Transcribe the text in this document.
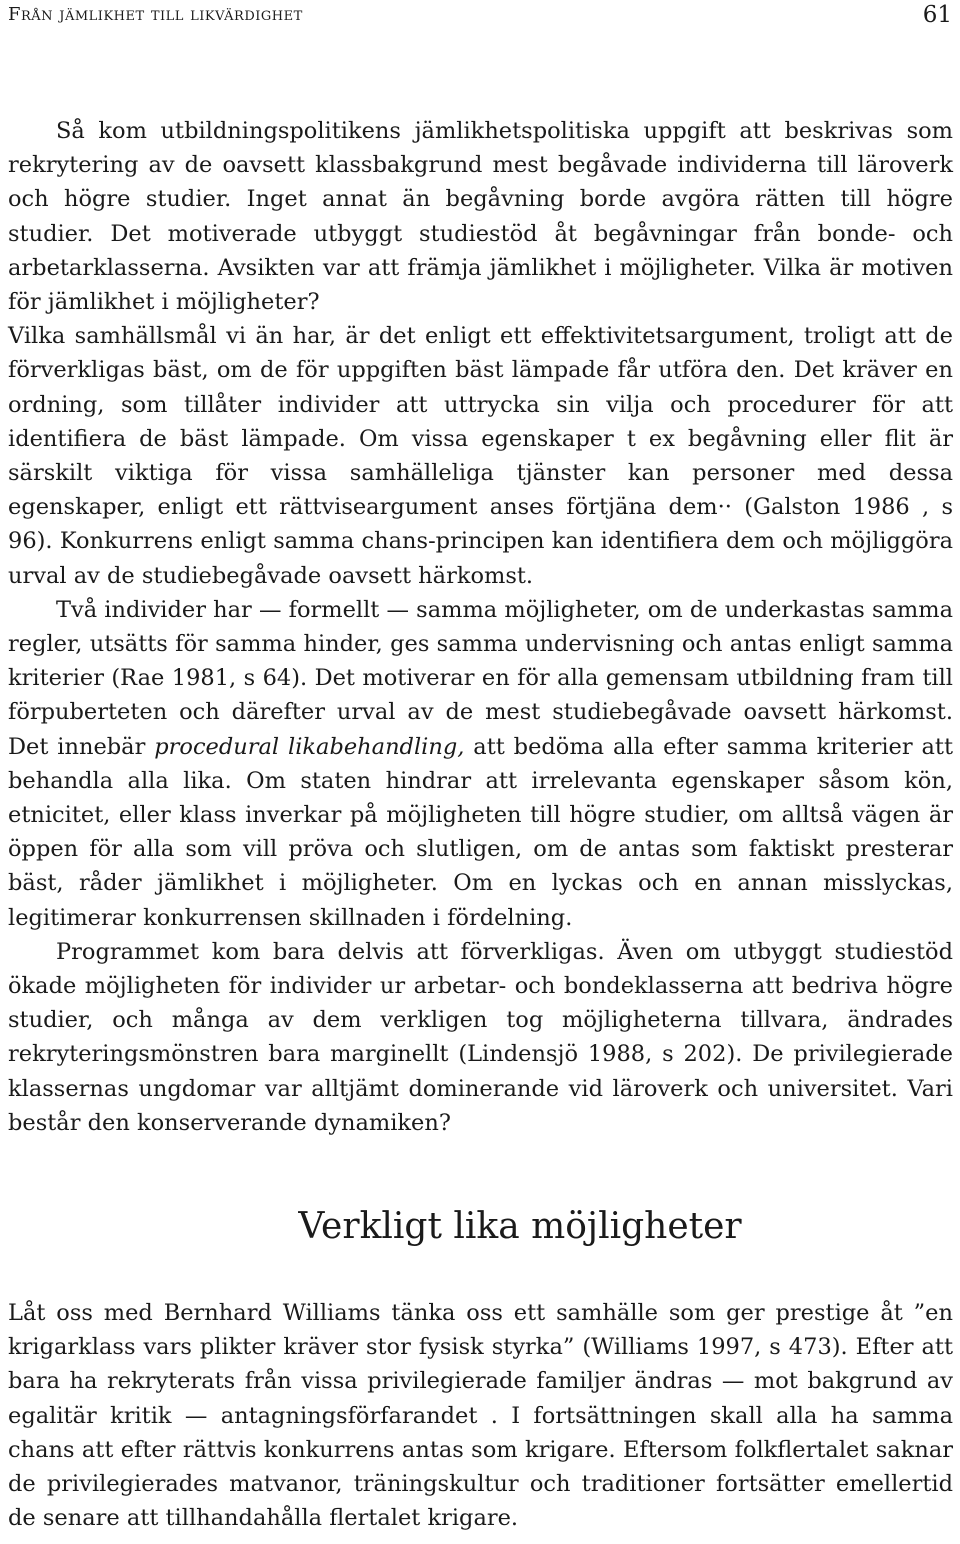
Från jämlikhet till likvärdighet	61

Så kom utbildningspolitikens jämlikhetspolitiska uppgift att beskrivas som rekrytering av de oavsett klassbakgrund mest begåvade individerna till läroverk och högre studier. Inget annat än begåvning borde avgöra rätten till högre studier. Det motiverade utbyggt studiestöd åt begåvningar från bonde- och arbetarklasserna. Avsikten var att främja jämlikhet i möjligheter. Vilka är motiven för jämlikhet i möjligheter?

Vilka samhällsmål vi än har, är det enligt ett effektivitetsargument, troligt att de förverkligas bäst, om de för uppgiften bäst lämpade får utföra den. Det kräver en ordning, som tillåter individer att uttrycka sin vilja och procedurer för att identifiera de bäst lämpade. Om vissa egenskaper t ex begåvning eller flit är särskilt viktiga för vissa samhälleliga tjänster kan personer med dessa egenskaper, enligt ett rättviseargument anses förtjäna dem·· (Galston 1986 , s 96). Konkurrens enligt samma chans-principen kan identifiera dem och möjliggöra urval av de studiebegåvade oavsett härkomst.

Två individer har — formellt — samma möjligheter, om de underkastas samma regler, utsätts för samma hinder, ges samma undervisning och antas enligt samma kriterier (Rae 1981, s 64). Det motiverar en för alla gemensam utbildning fram till förpuberteten och därefter urval av de mest studiebegåvade oavsett härkomst. Det innebär procedural likabehandling, att bedöma alla efter samma kriterier att behandla alla lika. Om staten hindrar att irrelevanta egenskaper såsom kön, etnicitet, eller klass inverkar på möjligheten till högre studier, om alltså vägen är öppen för alla som vill pröva och slutligen, om de antas som faktiskt presterar bäst, råder jämlikhet i möjligheter. Om en lyckas och en annan misslyckas, legitimerar konkurrensen skillnaden i fördelning.

Programmet kom bara delvis att förverkligas. Även om utbyggt studiestöd ökade möjligheten för individer ur arbetar- och bondeklasserna att bedriva högre studier, och många av dem verkligen tog möjligheterna tillvara, ändrades rekryteringsmönstren bara marginellt (Lindensjö 1988, s 202). De privilegierade klassernas ungdomar var alltjämt dominerande vid läroverk och universitet. Vari består den konserverande dynamiken?

Verkligt lika möjligheter

Låt oss med Bernhard Williams tänka oss ett samhälle som ger prestige åt ”en krigarklass vars plikter kräver stor fysisk styrka” (Williams 1997, s 473). Efter att bara ha rekryterats från vissa privilegierade familjer ändras — mot bakgrund av egalitär kritik — antagningsförfarandet . I fortsättningen skall alla ha samma chans att efter rättvis konkurrens antas som krigare. Eftersom folkflertalet saknar de privilegierades matvanor, träningskultur och traditioner fortsätter emellertid de senare att tillhandahålla flertalet krigare.
